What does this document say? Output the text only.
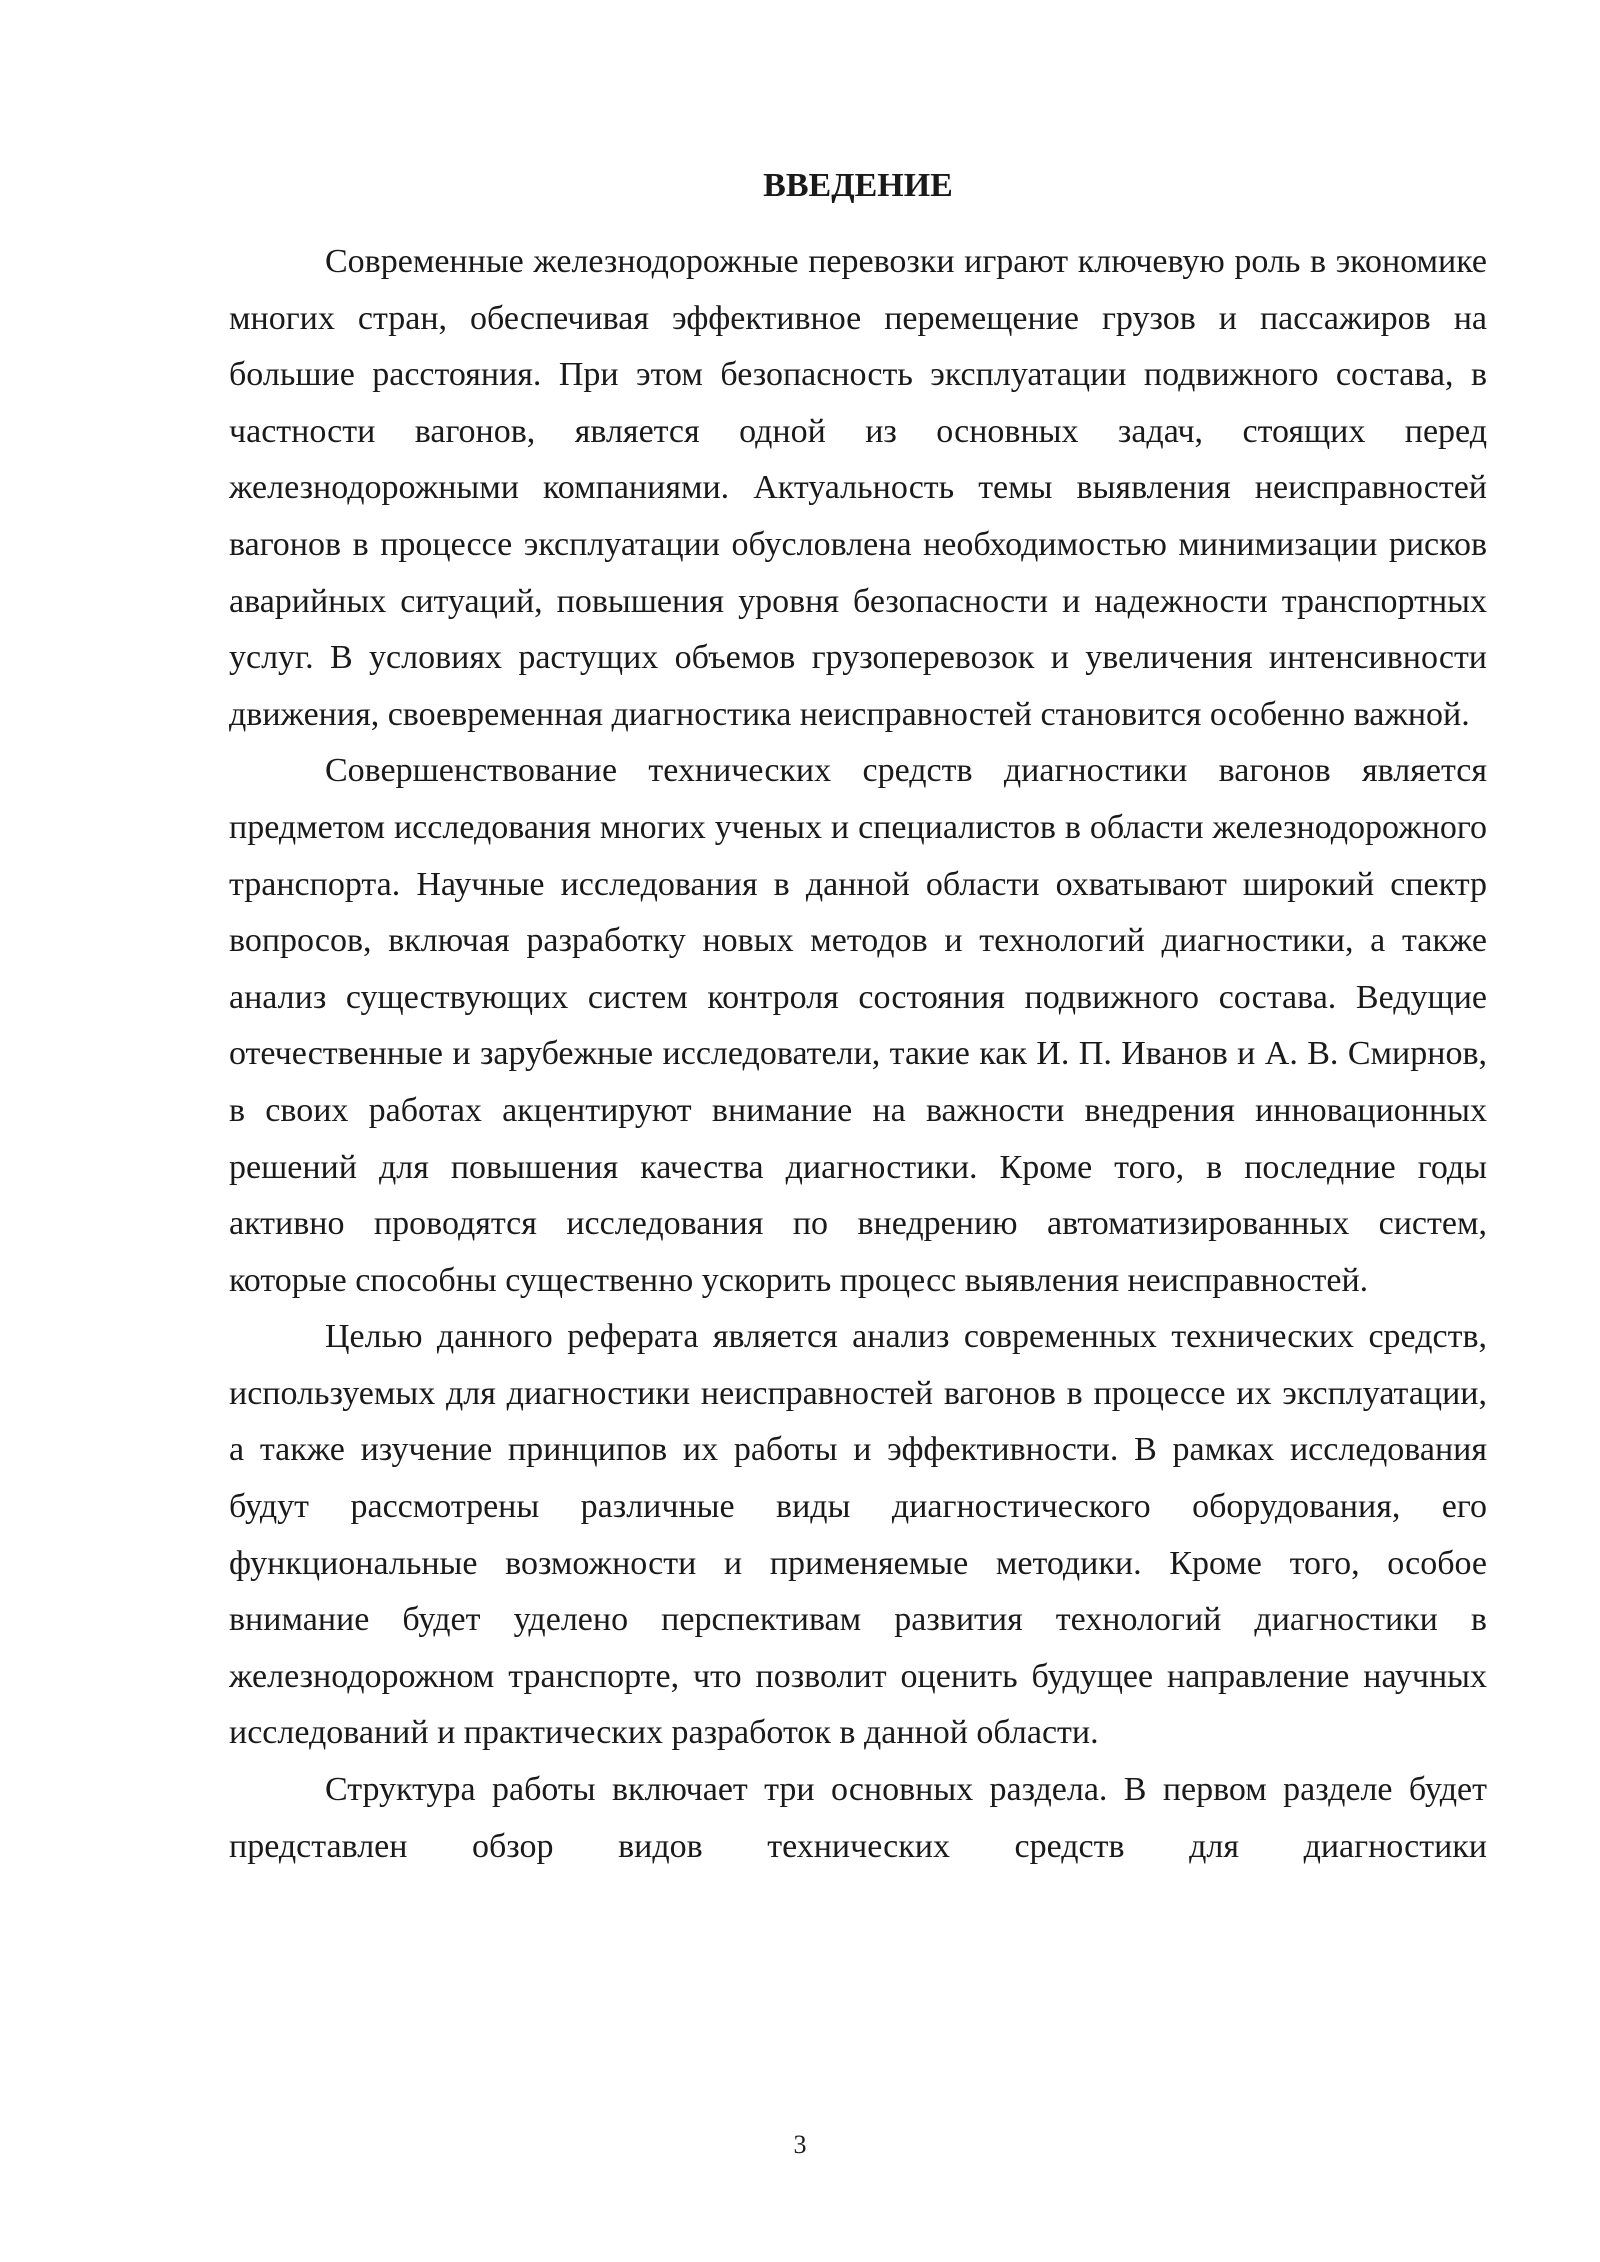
ВВЕДЕНИЕ

Современные железнодорожные перевозки играют ключевую роль в экономике многих стран, обеспечивая эффективное перемещение грузов и пассажиров на большие расстояния. При этом безопасность эксплуатации подвижного состава, в частности вагонов, является одной из основных задач, стоящих перед железнодорожными компаниями. Актуальность темы выявления неисправностей вагонов в процессе эксплуатации обусловлена необходимостью минимизации рисков аварийных ситуаций, повышения уровня безопасности и надежности транспортных услуг. В условиях растущих объемов грузоперевозок и увеличения интенсивности движения, своевременная диагностика неисправностей становится особенно важной.

Совершенствование технических средств диагностики вагонов является предметом исследования многих ученых и специалистов в области железнодорожного транспорта. Научные исследования в данной области охватывают широкий спектр вопросов, включая разработку новых методов и технологий диагностики, а также анализ существующих систем контроля состояния подвижного состава. Ведущие отечественные и зарубежные исследователи, такие как И. П. Иванов и А. В. Смирнов, в своих работах акцентируют внимание на важности внедрения инновационных решений для повышения качества диагностики. Кроме того, в последние годы активно проводятся исследования по внедрению автоматизированных систем, которые способны существенно ускорить процесс выявления неисправностей.

Целью данного реферата является анализ современных технических средств, используемых для диагностики неисправностей вагонов в процессе их эксплуатации, а также изучение принципов их работы и эффективности. В рамках исследования будут рассмотрены различные виды диагностического оборудования, его функциональные возможности и применяемые методики. Кроме того, особое внимание будет уделено перспективам развития технологий диагностики в железнодорожном транспорте, что позволит оценить будущее направление научных исследований и практических разработок в данной области.

Структура работы включает три основных раздела. В первом разделе будет представлен обзор видов технических средств для диагностики

3
